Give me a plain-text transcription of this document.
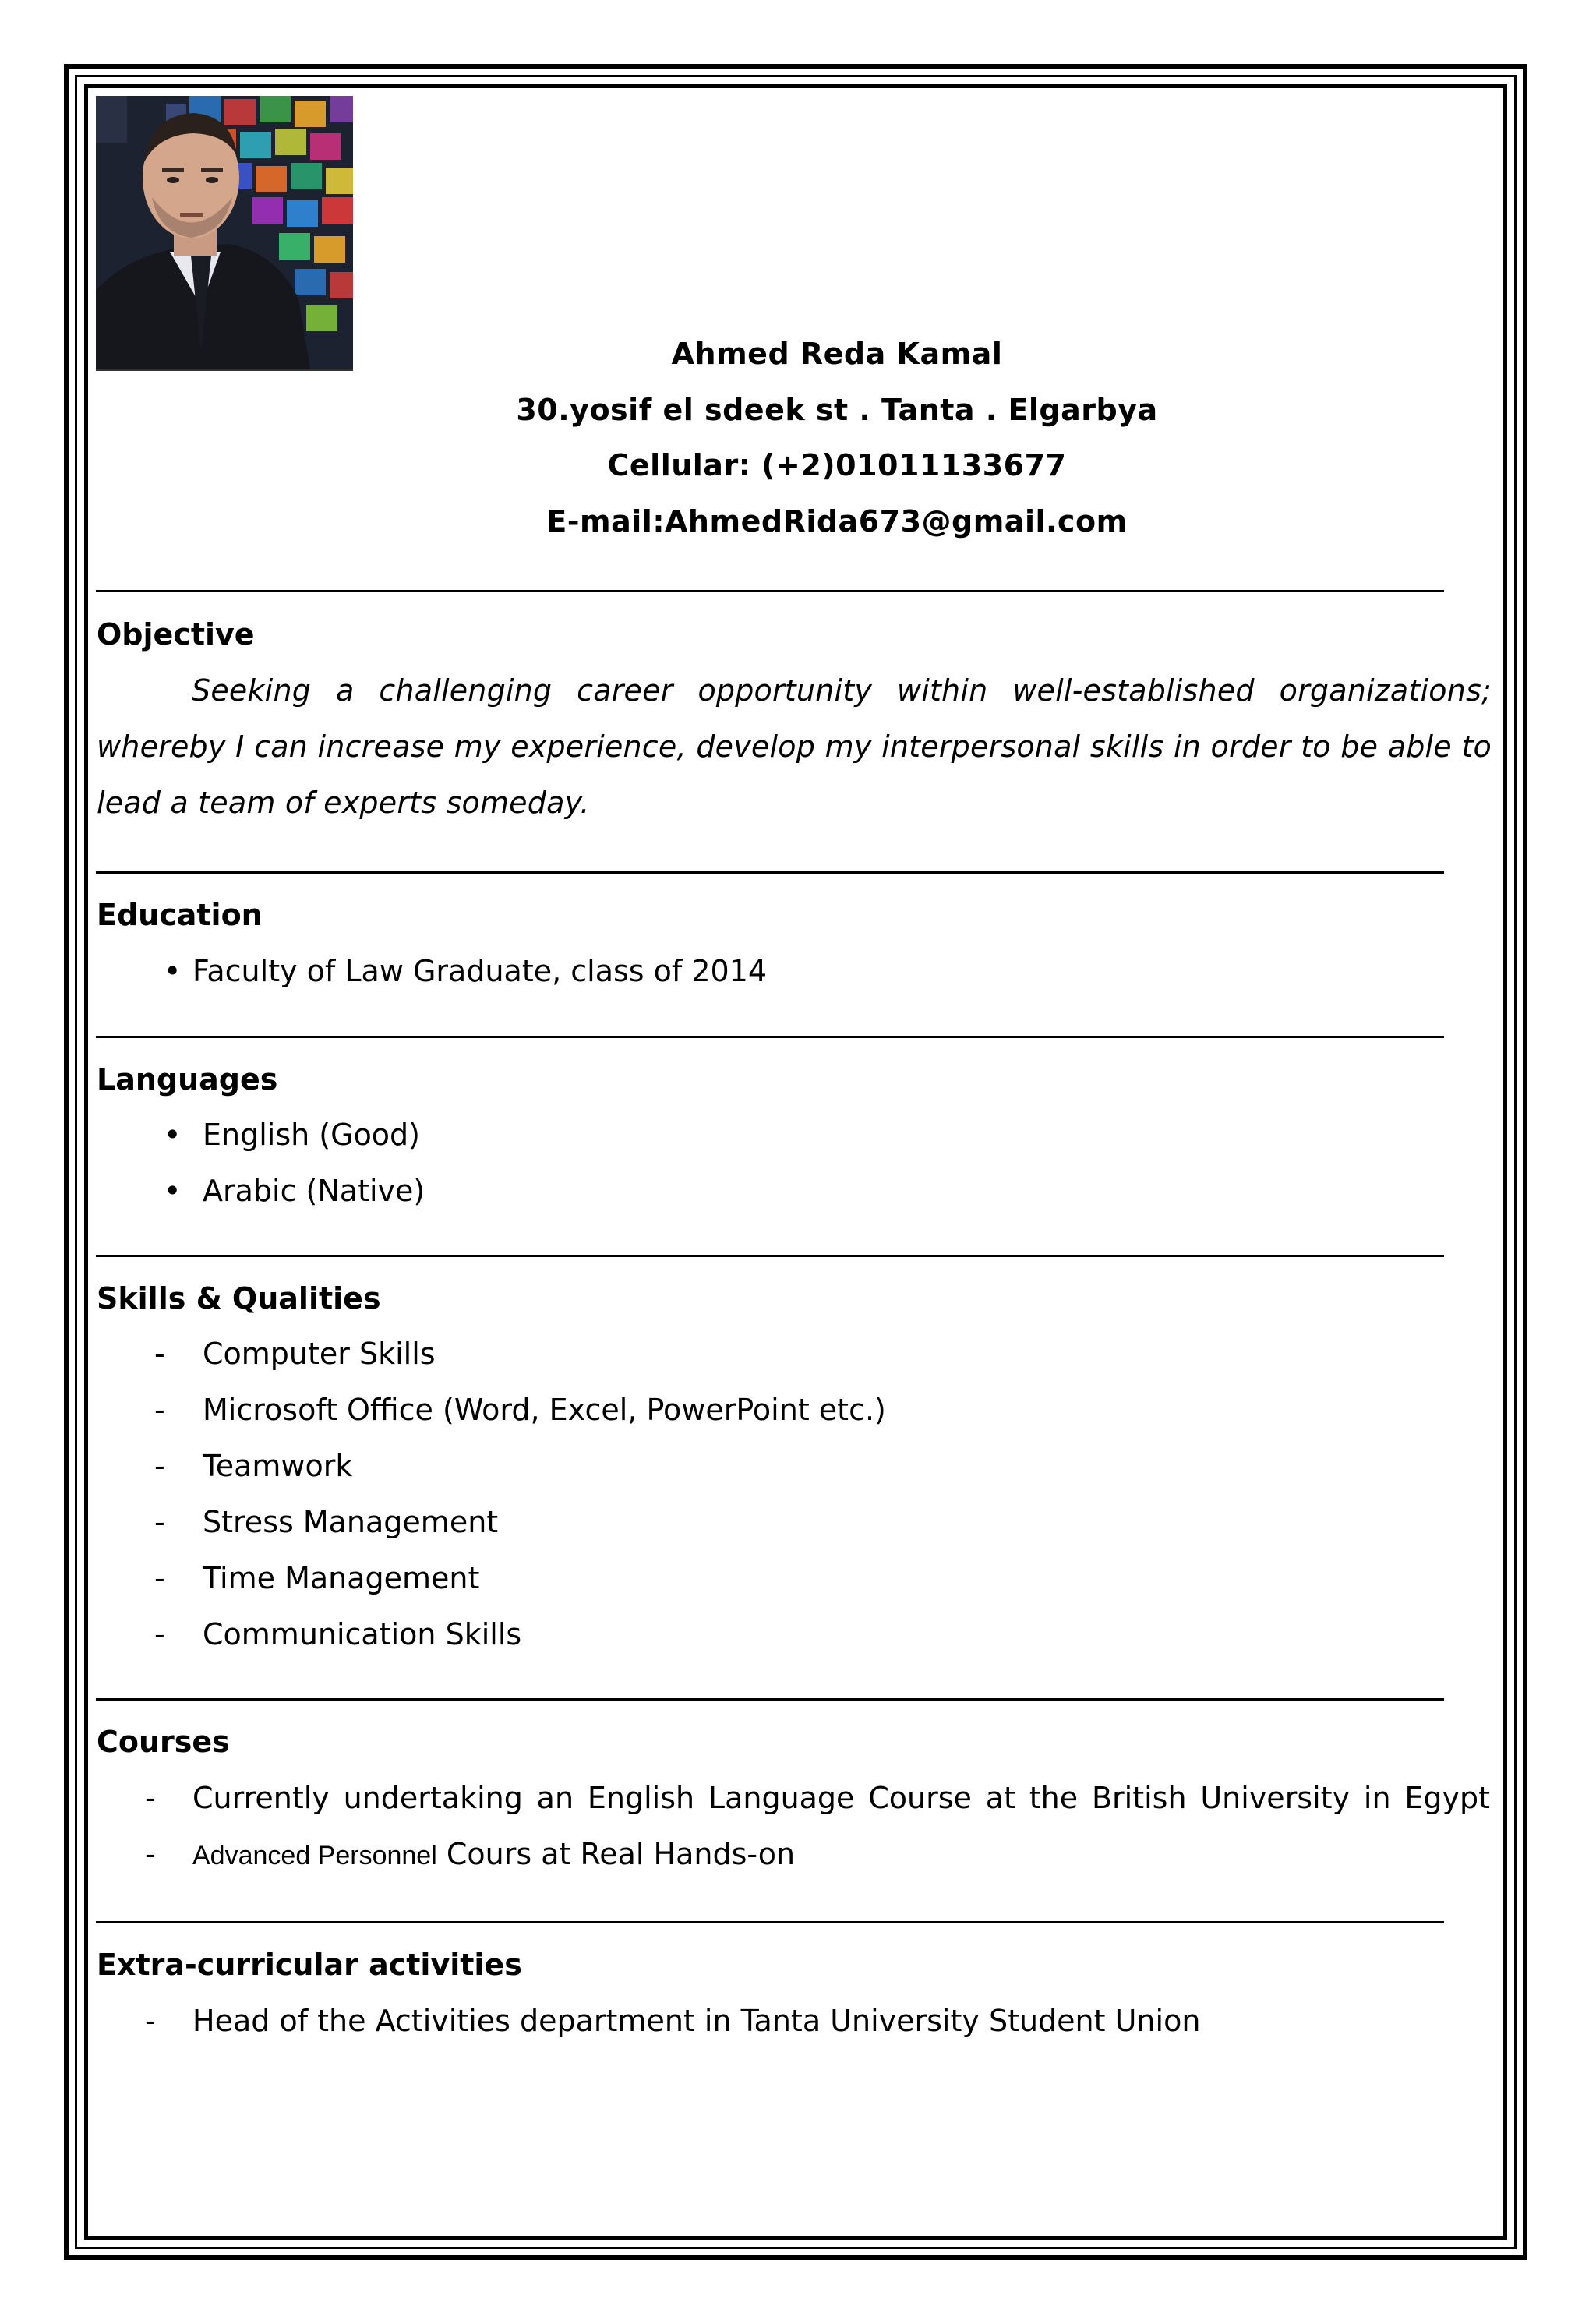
Ahmed Reda Kamal
30.yosif el sdeek st . Tanta . Elgarbya
Cellular: (+2)01011133677
E-mail:AhmedRida673@gmail.com
Objective
Seeking a challenging career opportunity within well-established organizations; whereby I can increase my experience, develop my interpersonal skills in order to be able to lead a team of experts someday.
Education
• Faculty of Law Graduate, class of 2014
Languages
• English (Good)
• Arabic (Native)
Skills & Qualities
- Computer Skills
- Microsoft Office (Word, Excel, PowerPoint etc.)
- Teamwork
- Stress Management
- Time Management
- Communication Skills
Courses
- Currently undertaking an English Language Course at the British University in Egypt
- Advanced Personnel Cours at Real Hands-on
Extra-curricular activities
- Head of the Activities department in Tanta University Student Union
